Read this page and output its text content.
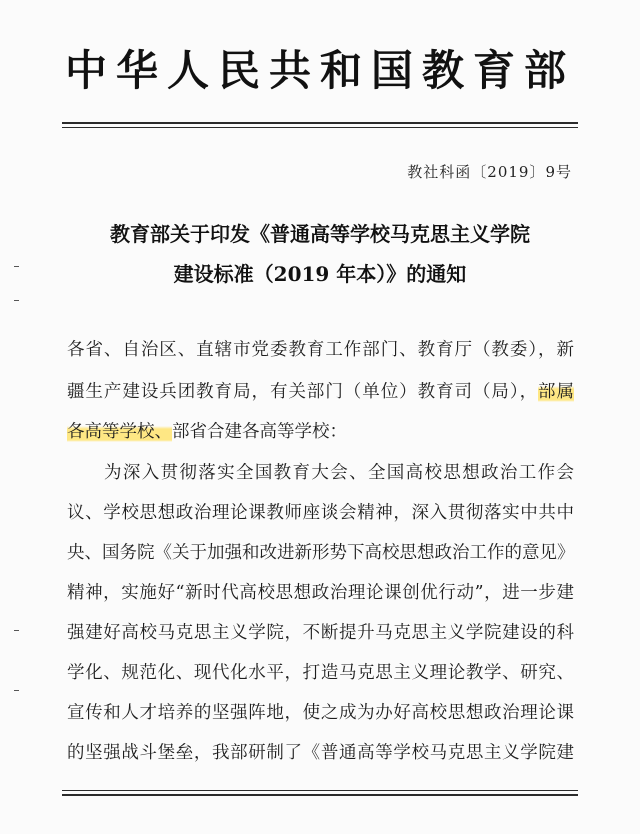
中华人民共和国教育部
教社科函〔2019〕9号
教育部关于印发《普通高等学校马克思主义学院
建设标准（2019 年本）》的通知
各省、自治区、直辖市党委教育工作部门、教育厅（教委），新
疆生产建设兵团教育局，有关部门（单位）教育司（局），部属
各高等学校、部省合建各高等学校：
为深入贯彻落实全国教育大会、全国高校思想政治工作会
议、学校思想政治理论课教师座谈会精神，深入贯彻落实中共中
央、国务院《关于加强和改进新形势下高校思想政治工作的意见》
精神，实施好“新时代高校思想政治理论课创优行动”，进一步建
强建好高校马克思主义学院，不断提升马克思主义学院建设的科
学化、规范化、现代化水平，打造马克思主义理论教学、研究、
宣传和人才培养的坚强阵地，使之成为办好高校思想政治理论课
的坚强战斗堡垒，我部研制了《普通高等学校马克思主义学院建
